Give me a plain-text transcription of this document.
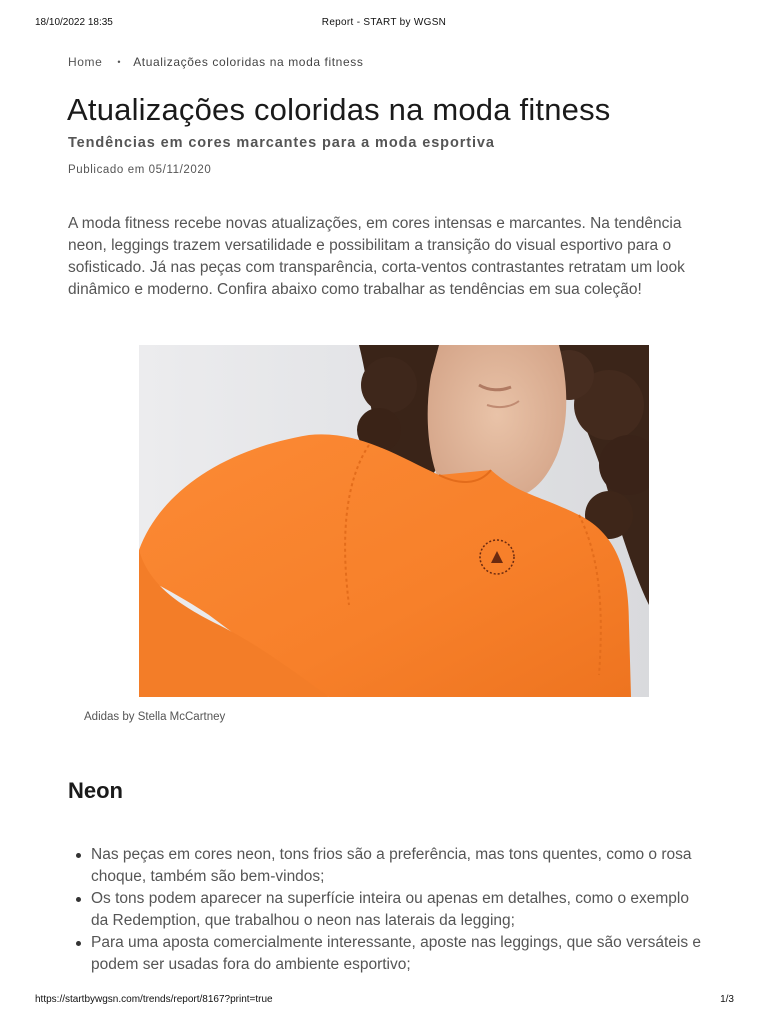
18/10/2022 18:35	Report - START by WGSN
Home • Atualizações coloridas na moda fitness
Atualizações coloridas na moda fitness
Tendências em cores marcantes para a moda esportiva
Publicado em 05/11/2020

A moda fitness recebe novas atualizações, em cores intensas e marcantes. Na tendência neon, leggings trazem versatilidade e possibilitam a transição do visual esportivo para o sofisticado. Já nas peças com transparência, corta-ventos contrastantes retratam um look dinâmico e moderno. Confira abaixo como trabalhar as tendências em sua coleção!

Adidas by Stella McCartney
Neon
Nas peças em cores neon, tons frios são a preferência, mas tons quentes, como o rosa choque, também são bem-vindos;
Os tons podem aparecer na superfície inteira ou apenas em detalhes, como o exemplo da Redemption, que trabalhou o neon nas laterais da legging;
Para uma aposta comercialmente interessante, aposte nas leggings, que são versáteis e podem ser usadas fora do ambiente esportivo;
https://startbywgsn.com/trends/report/8167?print=true	1/3
